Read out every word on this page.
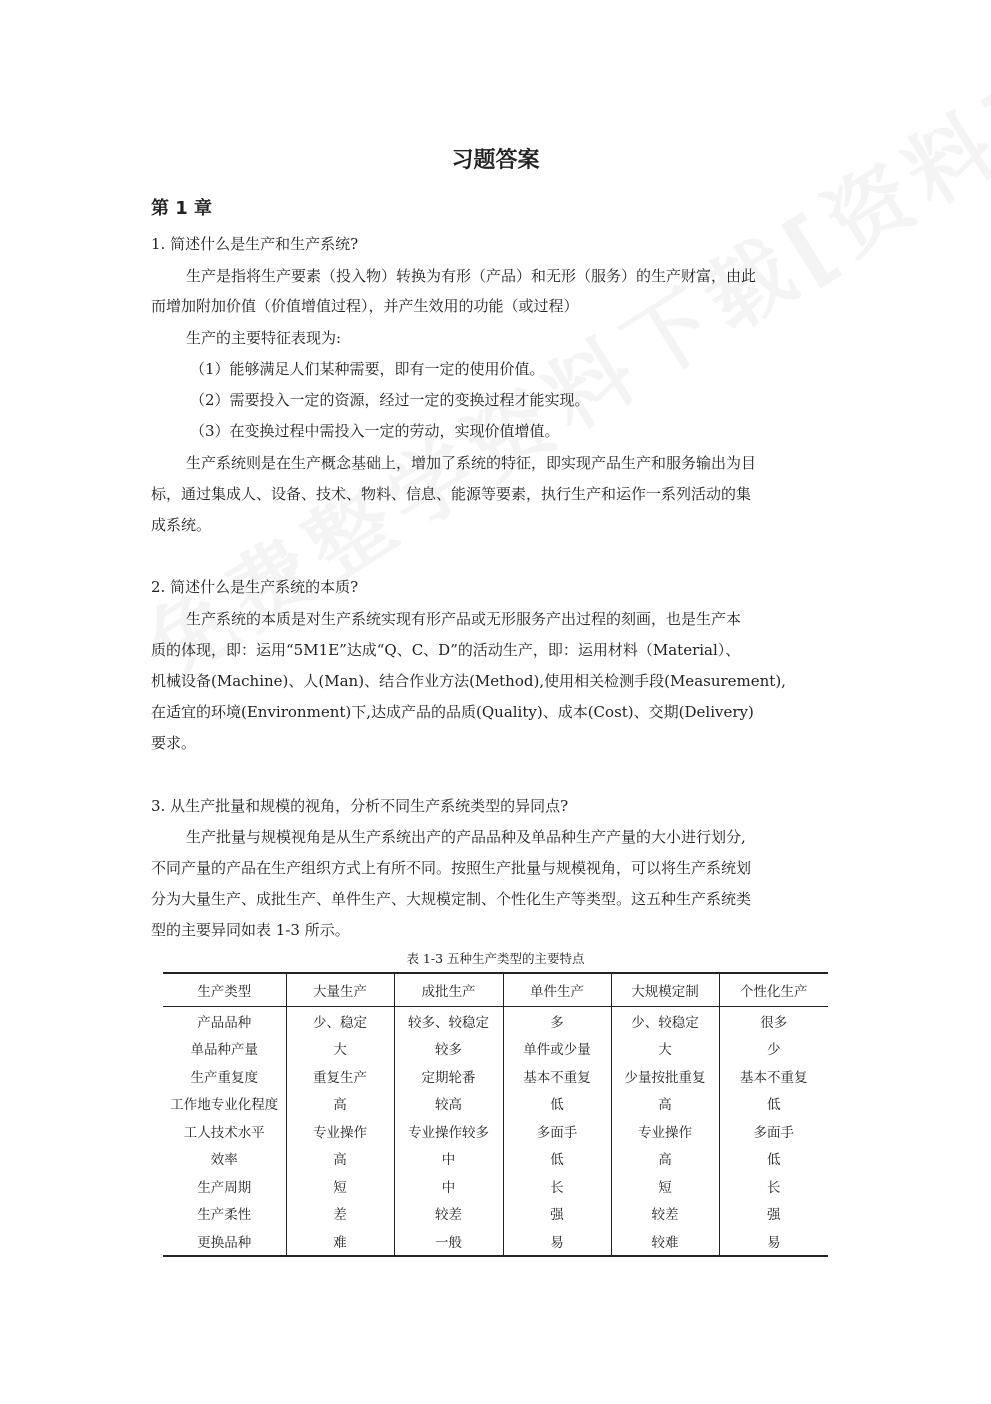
习题答案
第 1 章
1. 简述什么是生产和生产系统?
生产是指将生产要素（投入物）转换为有形（产品）和无形（服务）的生产财富，由此
而增加附加价值（价值增值过程），并产生效用的功能（或过程）
生产的主要特征表现为:
（1）能够满足人们某种需要，即有一定的使用价值。
（2）需要投入一定的资源，经过一定的变换过程才能实现。
（3）在变换过程中需投入一定的劳动，实现价值增值。
生产系统则是在生产概念基础上，增加了系统的特征，即实现产品生产和服务输出为目
标，通过集成人、设备、技术、物料、信息、能源等要素，执行生产和运作一系列活动的集
成系统。
2. 简述什么是生产系统的本质?
生产系统的本质是对生产系统实现有形产品或无形服务产出过程的刻画，也是生产本
质的体现，即：运用“5M1E”达成“Q、C、D”的活动生产，即：运用材料（Material）、
机械设备(Machine)、人(Man)、结合作业方法(Method),使用相关检测手段(Measurement),
在适宜的环境(Environment)下,达成产品的品质(Quality)、成本(Cost)、交期(Delivery)
要求。
3. 从生产批量和规模的视角，分析不同生产系统类型的异同点?
生产批量与规模视角是从生产系统出产的产品品种及单品种生产产量的大小进行划分,
不同产量的产品在生产组织方式上有所不同。按照生产批量与规模视角，可以将生产系统划
分为大量生产、成批生产、单件生产、大规模定制、个性化生产等类型。这五种生产系统类
型的主要异同如表 1-3 所示。
表 1-3 五种生产类型的主要特点
生产类型	大量生产	成批生产	单件生产	大规模定制	个性化生产
产品品种	少、稳定	较多、较稳定	多	少、较稳定	很多
单品种产量	大	较多	单件或少量	大	少
生产重复度	重复生产	定期轮番	基本不重复	少量按批重复	基本不重复
工作地专业化程度	高	较高	低	高	低
工人技术水平	专业操作	专业操作较多	多面手	专业操作	多面手
效率	高	中	低	高	低
生产周期	短	中	长	短	长
生产柔性	差	较差	强	较差	强
更换品种	难	一般	易	较难	易
